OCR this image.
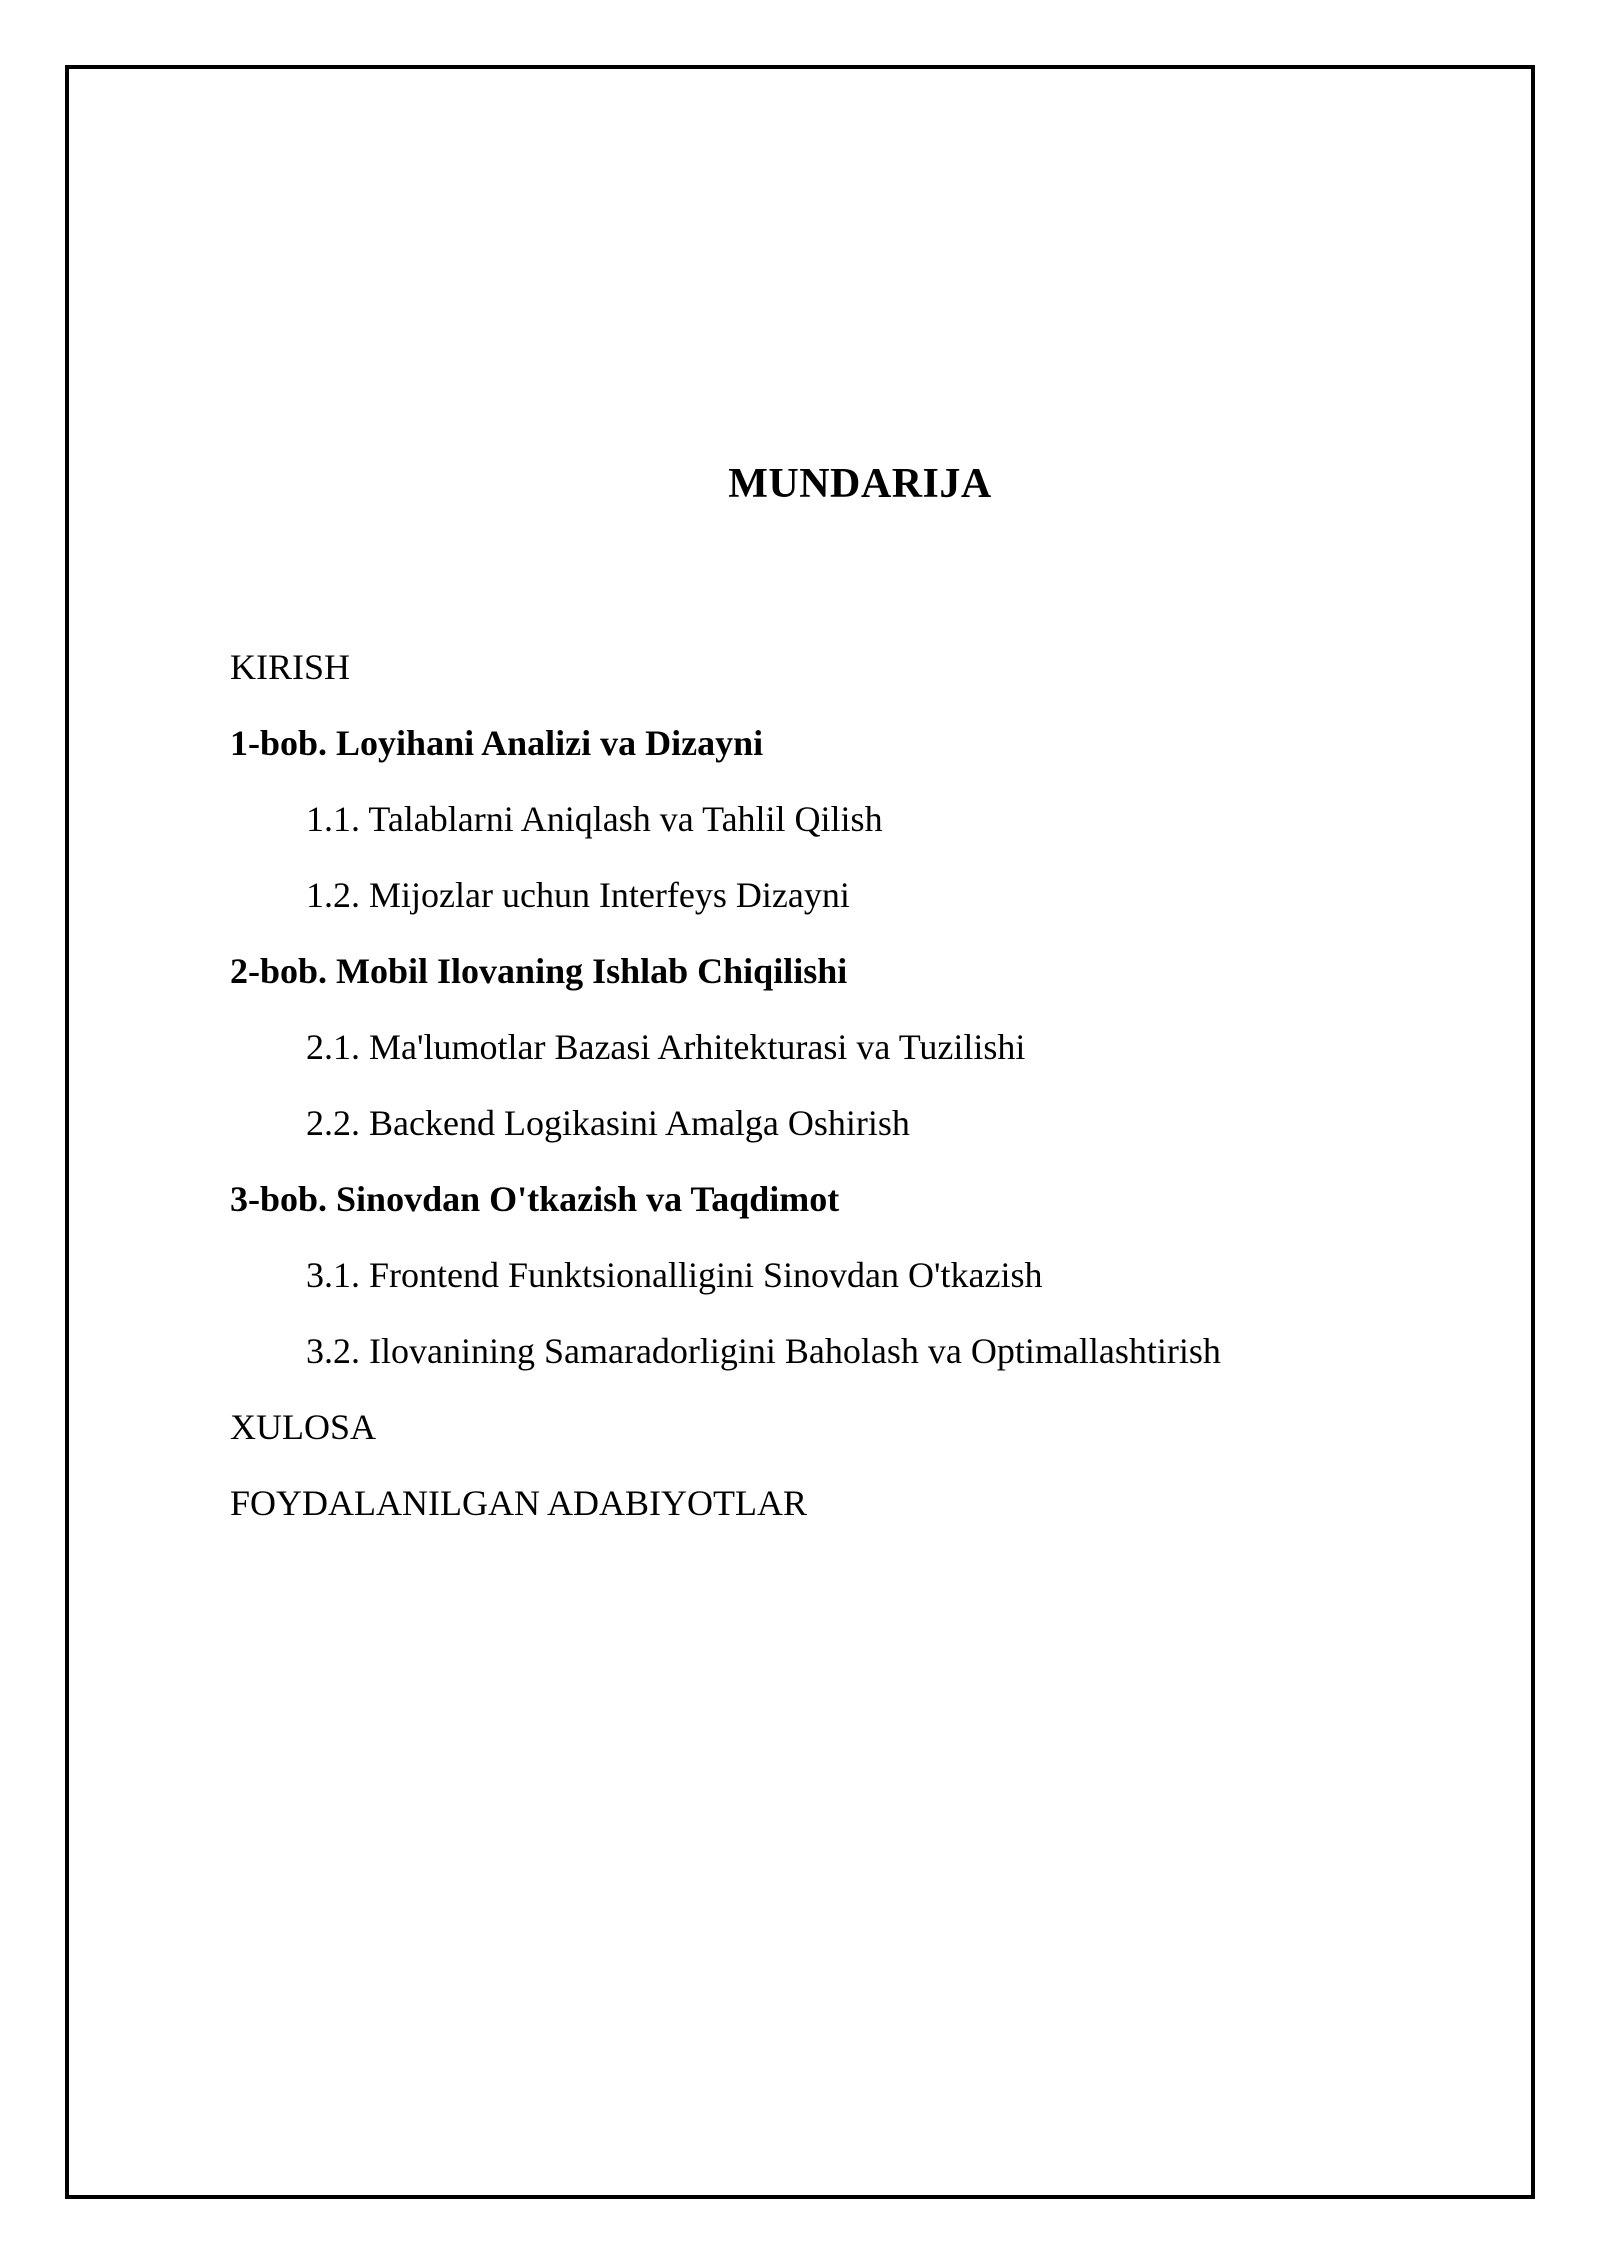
MUNDARIJA
KIRISH
1-bob. Loyihani Analizi va Dizayni
1.1. Talablarni Aniqlash va Tahlil Qilish
1.2. Mijozlar uchun Interfeys Dizayni
2-bob. Mobil Ilovaning Ishlab Chiqilishi
2.1. Ma'lumotlar Bazasi Arhitekturasi va Tuzilishi
2.2. Backend Logikasini Amalga Oshirish
3-bob. Sinovdan O'tkazish va Taqdimot
3.1. Frontend Funktsionalligini Sinovdan O'tkazish
3.2. Ilovanining Samaradorligini Baholash va Optimallashtirish
XULOSA
FOYDALANILGAN ADABIYOTLAR
